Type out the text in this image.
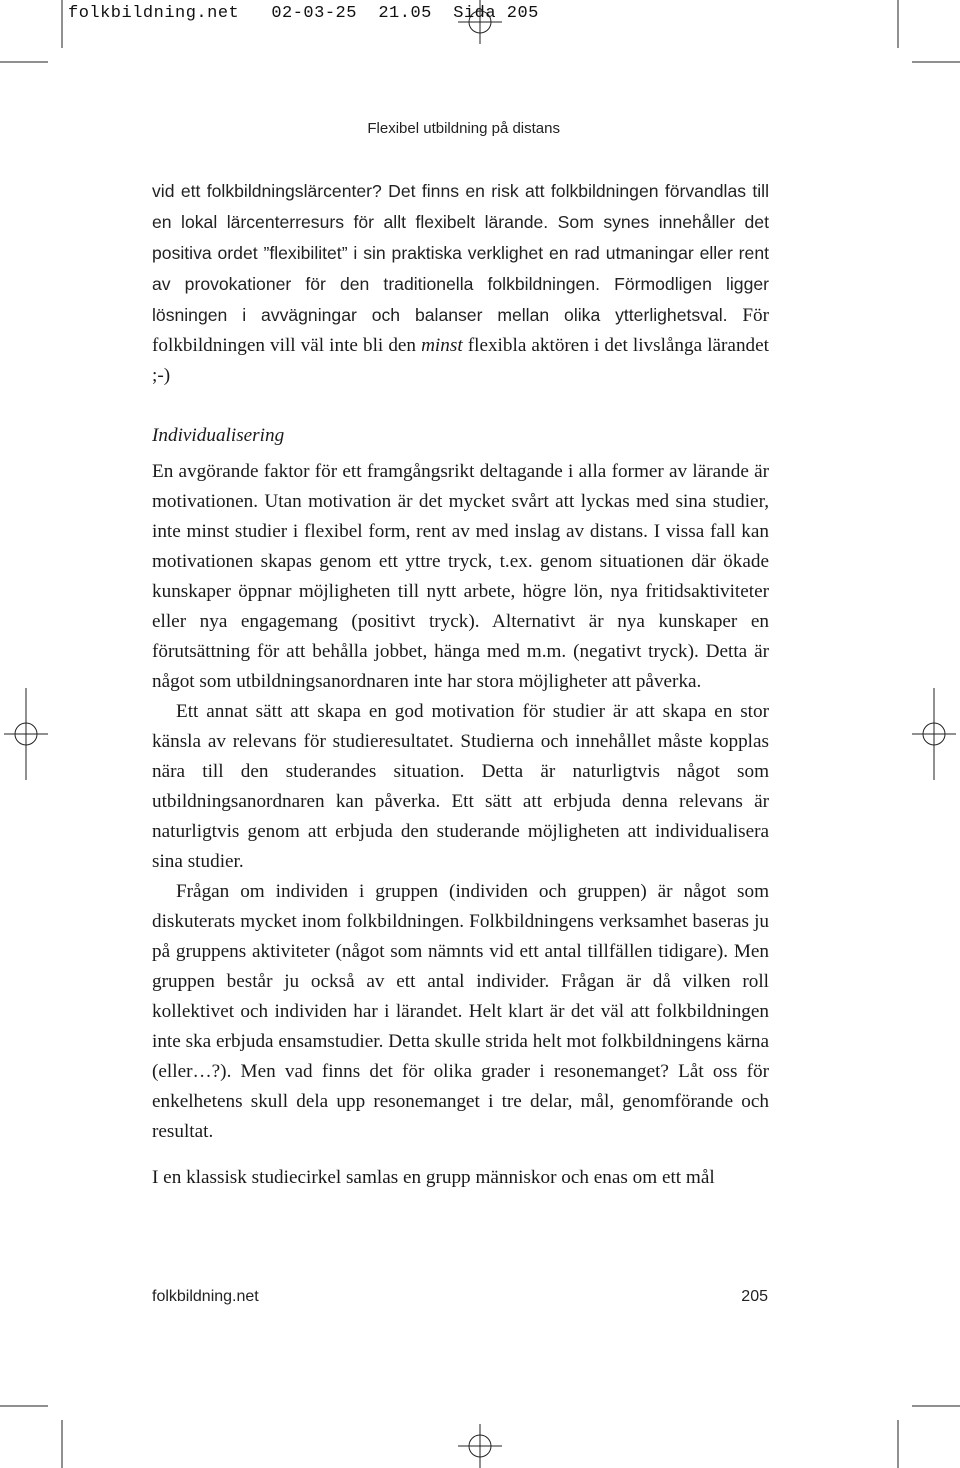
folkbildning.net   02-03-25  21.05  Sida 205
Flexibel utbildning på distans

vid ett folkbildningslärcenter? Det finns en risk att folkbildningen förvandlas till en lokal lärcenterresurs för allt flexibelt lärande. Som synes innehåller det positiva ordet ”flexibilitet” i sin praktiska verklighet en rad utmaningar eller rent av provokationer för den traditionella folkbildningen. Förmodligen ligger lösningen i avvägningar och balanser mellan olika ytterlighetsval. För folkbildningen vill väl inte bli den minst flexibla aktören i det livslånga lärandet ;-)

Individualisering

En avgörande faktor för ett framgångsrikt deltagande i alla former av lärande är motivationen. Utan motivation är det mycket svårt att lyckas med sina studier, inte minst studier i flexibel form, rent av med inslag av distans. I vissa fall kan motivationen skapas genom ett yttre tryck, t.ex. genom situationen där ökade kunskaper öppnar möjligheten till nytt arbete, högre lön, nya fritidsaktiviteter eller nya engagemang (positivt tryck). Alternativt är nya kunskaper en förutsättning för att behålla jobbet, hänga med m.m. (negativt tryck). Detta är något som utbildningsanordnaren inte har stora möjligheter att påverka.

Ett annat sätt att skapa en god motivation för studier är att skapa en stor känsla av relevans för studieresultatet. Studierna och innehållet måste kopplas nära till den studerandes situation. Detta är naturligtvis något som utbildningsanordnaren kan påverka. Ett sätt att erbjuda denna relevans är naturligtvis genom att erbjuda den studerande möjligheten att individualisera sina studier.

Frågan om individen i gruppen (individen och gruppen) är något som diskuterats mycket inom folkbildningen. Folkbildningens verksamhet baseras ju på gruppens aktiviteter (något som nämnts vid ett antal tillfällen tidigare). Men gruppen består ju också av ett antal individer. Frågan är då vilken roll kollektivet och individen har i lärandet. Helt klart är det väl att folkbildningen inte ska erbjuda ensamstudier. Detta skulle strida helt mot folkbildningens kärna (eller…?). Men vad finns det för olika grader i resonemanget? Låt oss för enkelhetens skull dela upp resonemanget i tre delar, mål, genomförande och resultat.

I en klassisk studiecirkel samlas en grupp människor och enas om ett mål

folkbildning.net	205
